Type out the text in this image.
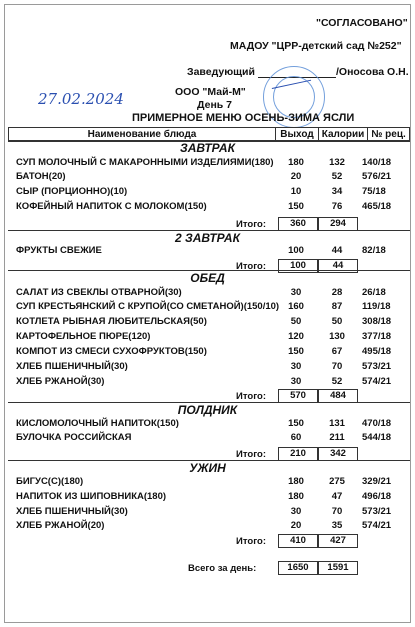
"СОГЛАСОВАНО"
МАДОУ "ЦРР-детский сад №252"
Заведующий	/Оносова О.Н.
27.02.2024	ООО "Май-М"
День 7
ПРИМЕРНОЕ МЕНЮ ОСЕНЬ-ЗИМА ЯСЛИ
Наименование блюда	Выход	Калории	№ рец.
ЗАВТРАК
СУП МОЛОЧНЫЙ С МАКАРОННЫМИ ИЗДЕЛИЯМИ(180)	180	132	140/18
БАТОН(20)	20	52	576/21
СЫР (ПОРЦИОННО)(10)	10	34	75/18
КОФЕЙНЫЙ НАПИТОК С МОЛОКОМ(150)	150	76	465/18
Итого:	360	294
2 ЗАВТРАК
ФРУКТЫ СВЕЖИЕ	100	44	82/18
Итого:	100	44
ОБЕД
САЛАТ ИЗ СВЕКЛЫ ОТВАРНОЙ(30)	30	28	26/18
СУП КРЕСТЬЯНСКИЙ С КРУПОЙ(СО СМЕТАНОЙ)(150/10) 160	87	119/18
КОТЛЕТА РЫБНАЯ ЛЮБИТЕЛЬСКАЯ(50)	50	50	308/18
КАРТОФЕЛЬНОЕ ПЮРЕ(120)	120	130	377/18
КОМПОТ ИЗ СМЕСИ СУХОФРУКТОВ(150)	150	67	495/18
ХЛЕБ ПШЕНИЧНЫЙ(30)	30	70	573/21
ХЛЕБ РЖАНОЙ(30)	30	52	574/21
Итого:	570	484
ПОЛДНИК
КИСЛОМОЛОЧНЫЙ НАПИТОК(150)	150	131	470/18
БУЛОЧКА РОССИЙСКАЯ	60	211	544/18
Итого:	210	342
УЖИН
БИГУС(С)(180)	180	275	329/21
НАПИТОК ИЗ ШИПОВНИКА(180)	180	47	496/18
ХЛЕБ ПШЕНИЧНЫЙ(30)	30	70	573/21
ХЛЕБ РЖАНОЙ(20)	20	35	574/21
Итого:	410	427
Всего за день:	1650	1591
